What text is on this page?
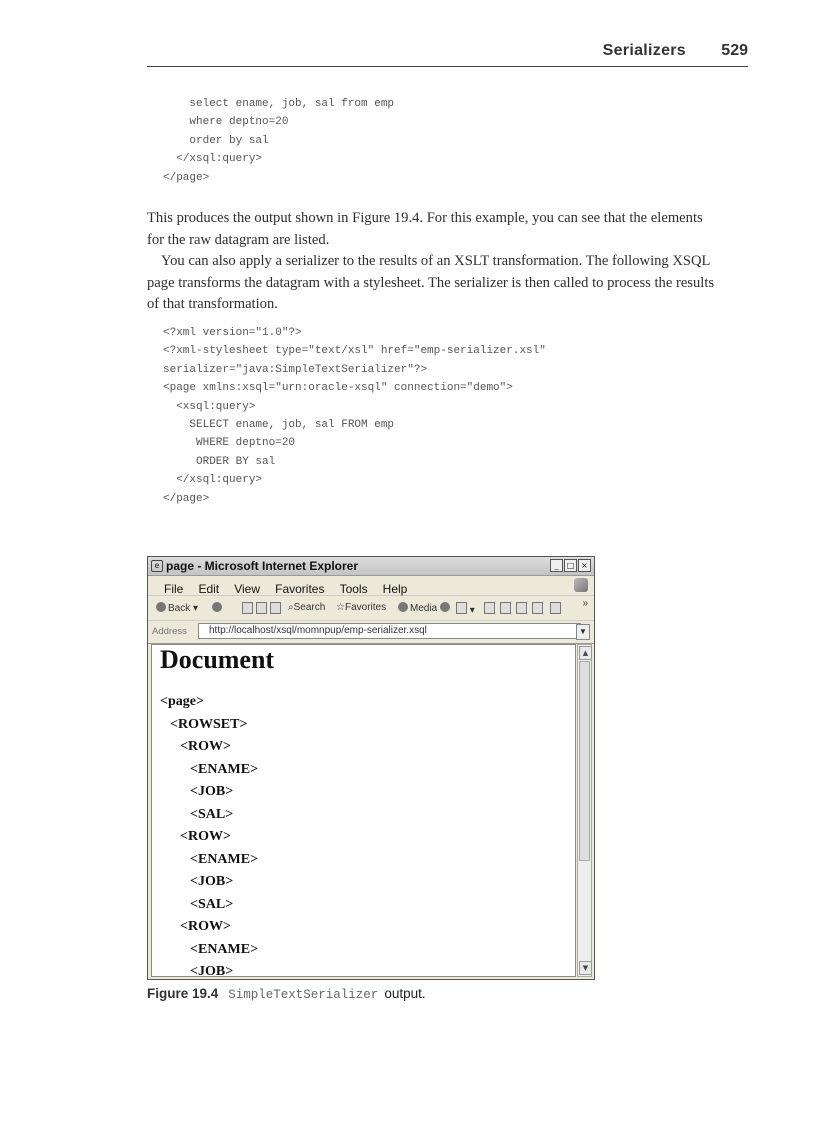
Serializers 529
select ename, job, sal from emp
where deptno=20
order by sal
</xsql:query>
</page>

This produces the output shown in Figure 19.4. For this example, you can see that the elements for the raw datagram are listed.

You can also apply a serializer to the results of an XSLT transformation. The following XSQL page transforms the datagram with a stylesheet. The serializer is then called to process the results of that transformation.

<?xml version="1.0"?>
<?xml-stylesheet type="text/xsl" href="emp-serializer.xsl"
serializer="java:SimpleTextSerializer"?>
<page xmlns:xsql="urn:oracle-xsql" connection="demo">
<xsql:query>
SELECT ename, job, sal FROM emp
WHERE deptno=20
ORDER BY sal
</xsql:query>
</page>
e page - Microsoft Internet Explorer	_ □ ×
File Edit View Favorites Tools Help
Back ▾	⌕Search ☆Favorites	Media	▾
»
Address	http://localhost/xsql/momnpup/emp-serializer.xsql	▼
Document
<page>
<ROWSET>
<ROW>
<ENAME>
<JOB>
<SAL>
<ROW>
<ENAME>
<JOB>
<SAL>
<ROW>
<ENAME>
<JOB>
▲
▼
Figure 19.4 SimpleTextSerializer output.
